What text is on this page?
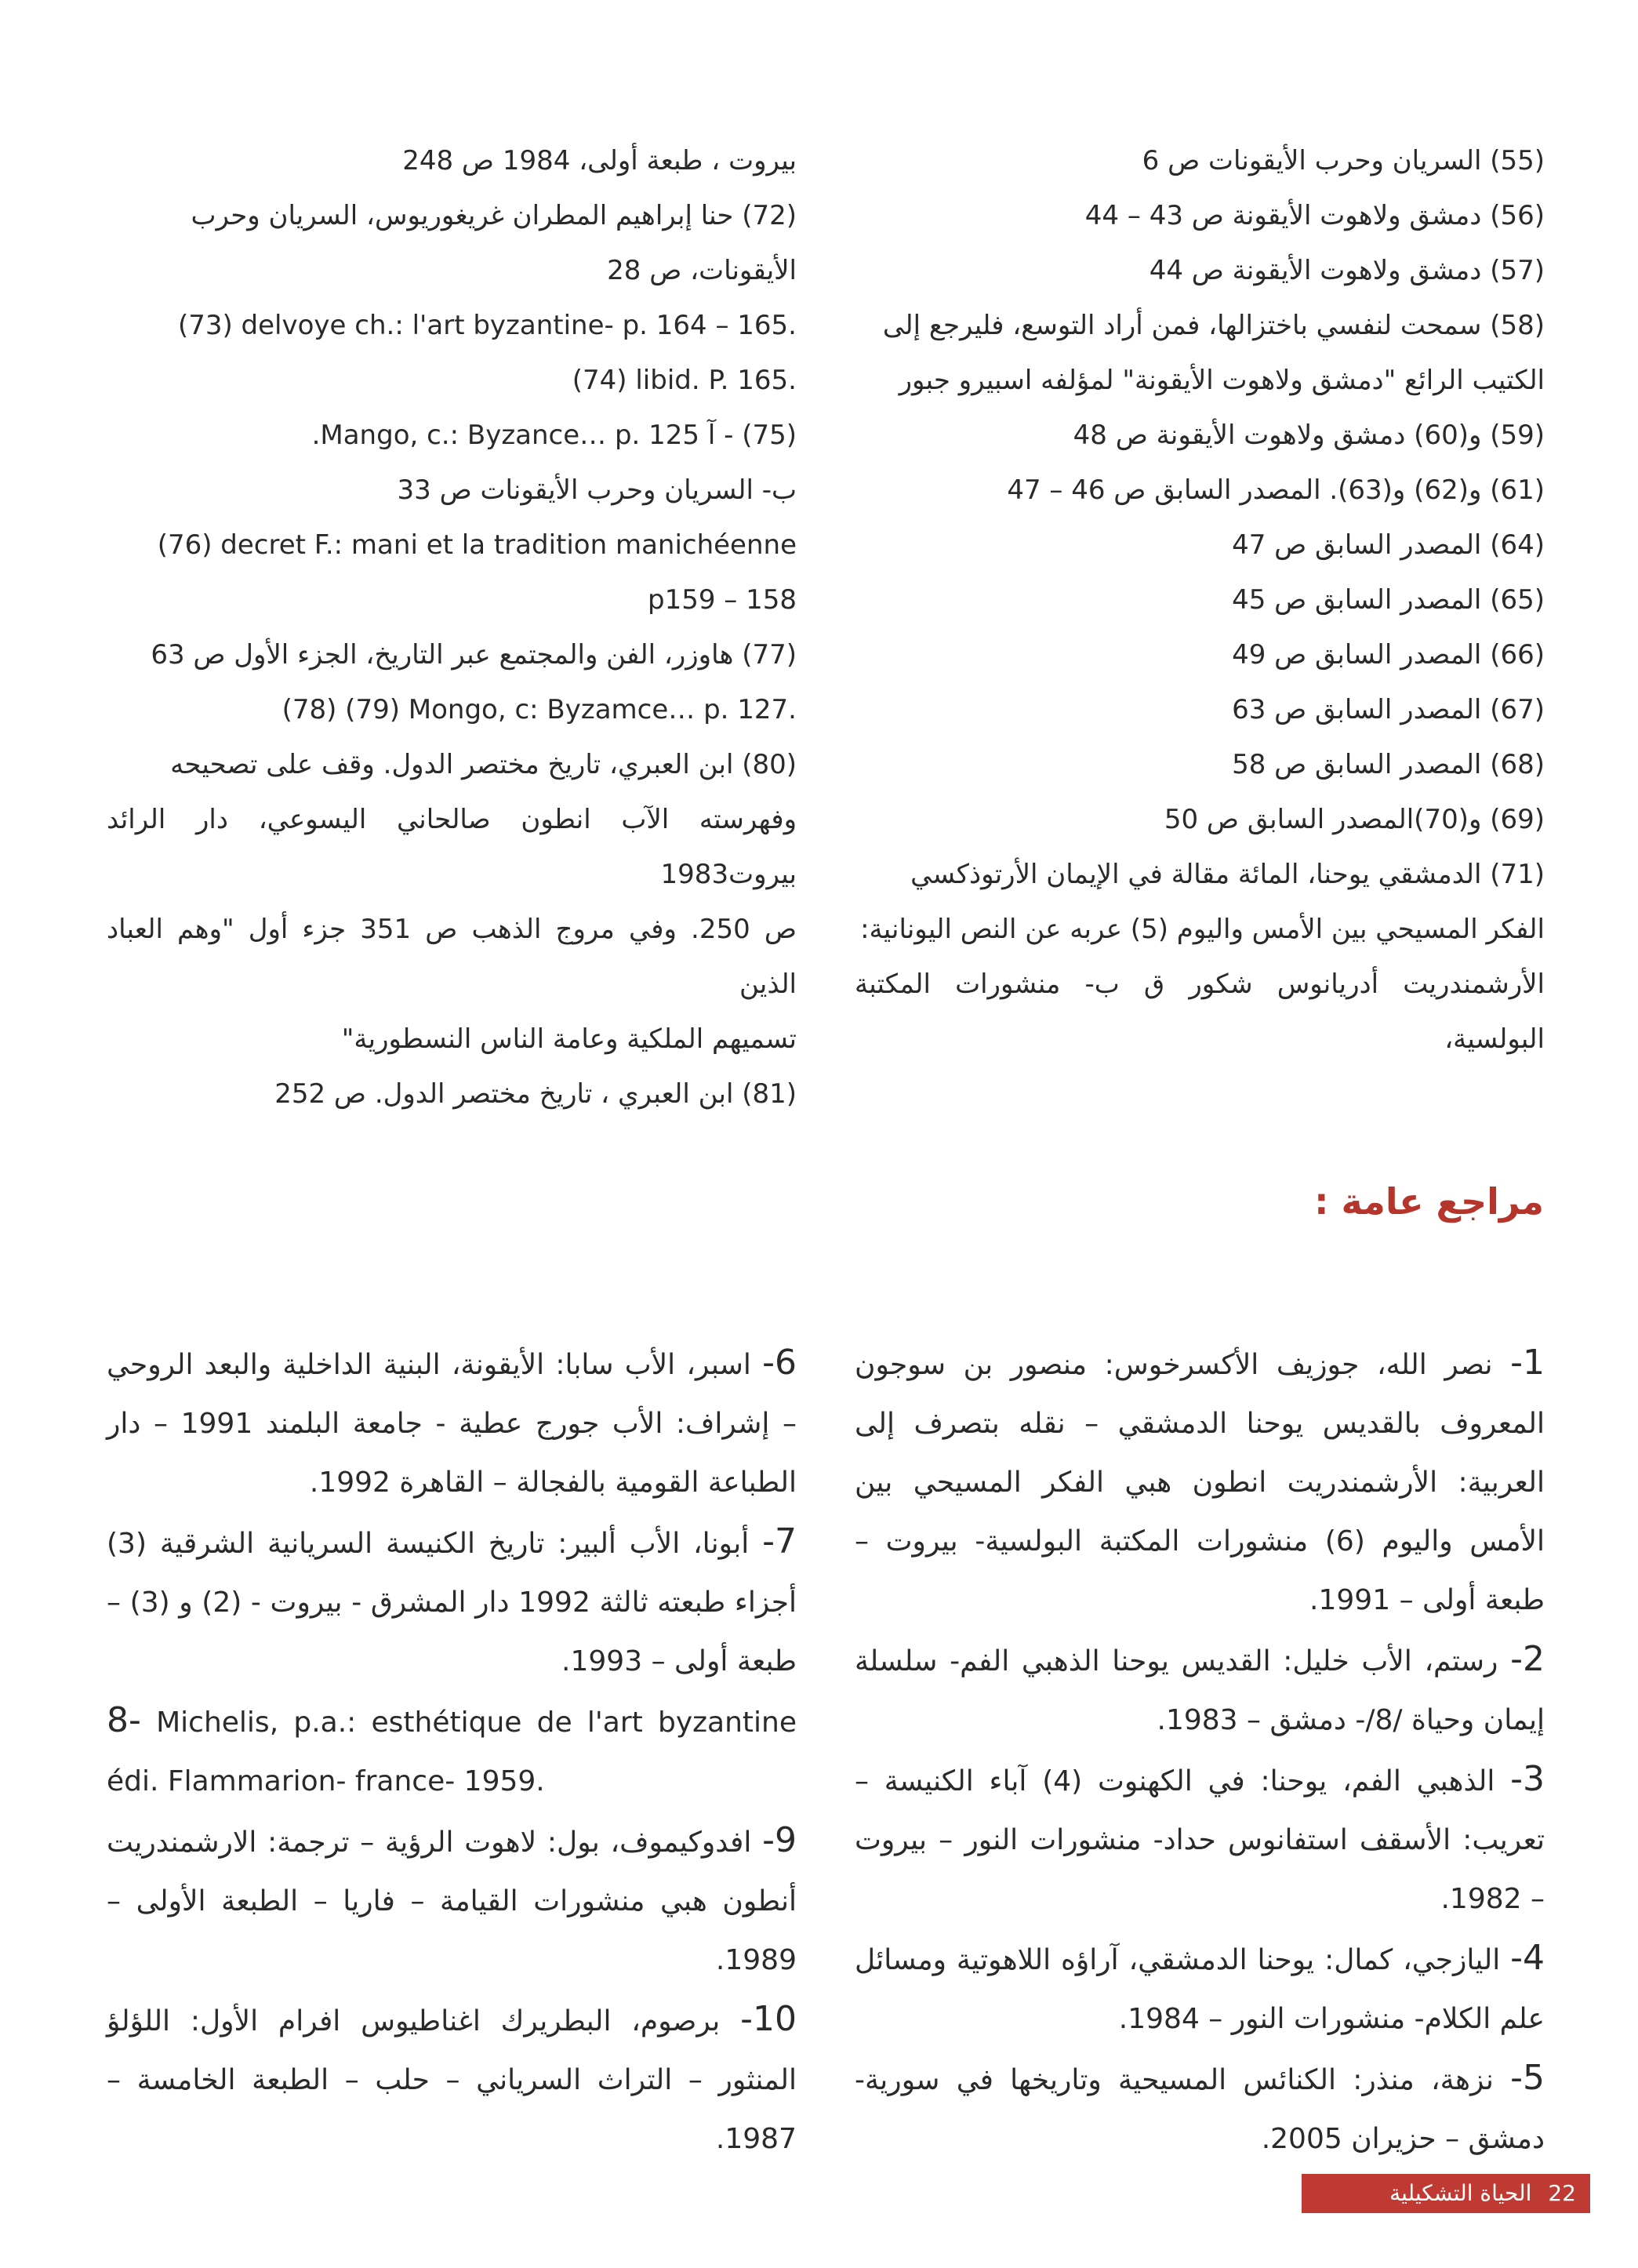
(55) السريان وحرب الأيقونات ص 6

(56) دمشق ولاهوت الأيقونة ص 43 – 44

(57) دمشق ولاهوت الأيقونة ص 44

(58) سمحت لنفسي باختزالها، فمن أراد التوسع، فليرجع إلى

الكتيب الرائع "دمشق ولاهوت الأيقونة" لمؤلفه اسبيرو جبور

(59) و(60) دمشق ولاهوت الأيقونة ص 48

(61) و(62) و(63). المصدر السابق ص 46 – 47

(64) المصدر السابق ص 47

(65) المصدر السابق ص 45

(66) المصدر السابق ص 49

(67) المصدر السابق ص 63

(68) المصدر السابق ص 58

(69) و(70)المصدر السابق ص 50

(71) الدمشقي يوحنا، المائة مقالة في الإيمان الأرتوذكسي

الفكر المسيحي بين الأمس واليوم (5) عربه عن النص اليونانية:

الأرشمندريت أدريانوس شكور ق ب- منشورات المكتبة البولسية،

بيروت ، طبعة أولى، 1984 ص 248

(72) حنا إبراهيم المطران غريغوريوس، السريان وحرب

الأيقونات، ص 28

(73) delvoye ch.: l'art byzantine- p. 164 – 165.

(74) libid. P. 165.

(75) - آ Mango, c.: Byzance… p. 125.

ب- السريان وحرب الأيقونات ص 33

(76) decret F.: mani et la tradition manichéenne

p159 – 158

(77) هاوزر، الفن والمجتمع عبر التاريخ، الجزء الأول ص 63

(78) (79) Mongo, c: Byzamce… p. 127.

(80) ابن العبري، تاريخ مختصر الدول. وقف على تصحيحه

وفهرسته الآب انطون صالحاني اليسوعي، دار الرائد بيروت1983

ص 250. وفي مروج الذهب ص 351 جزء أول "وهم العباد الذين

تسميهم الملكية وعامة الناس النسطورية"

(81) ابن العبري ، تاريخ مختصر الدول. ص 252

مراجع عامة :

1- نصر الله، جوزيف الأكسرخوس: منصور بن سوجون المعروف بالقديس يوحنا الدمشقي – نقله بتصرف إلى العربية: الأرشمندريت انطون هبي الفكر المسيحي بين الأمس واليوم (6) منشورات المكتبة البولسية- بيروت – طبعة أولى – 1991.

2- رستم، الأب خليل: القديس يوحنا الذهبي الفم- سلسلة إيمان وحياة /8/- دمشق – 1983.

3- الذهبي الفم، يوحنا: في الكهنوت (4) آباء الكنيسة – تعريب: الأسقف استفانوس حداد- منشورات النور – بيروت – 1982.

4- اليازجي، كمال: يوحنا الدمشقي، آراؤه اللاهوتية ومسائل علم الكلام- منشورات النور – 1984.

5- نزهة، منذر: الكنائس المسيحية وتاريخها في سورية- دمشق – حزيران 2005.

6- اسبر، الأب سابا: الأيقونة، البنية الداخلية والبعد الروحي – إشراف: الأب جورج عطية - جامعة البلمند 1991 – دار الطباعة القومية بالفجالة – القاهرة 1992.

7- أبونا، الأب ألبير: تاريخ الكنيسة السريانية الشرقية (3) أجزاء طبعته ثالثة 1992 دار المشرق - بيروت - (2) و (3) – طبعة أولى – 1993.

8- Michelis, p.a.: esthétique de l'art byzantine édi. Flammarion- france- 1959.

9- افدوكيموف، بول: لاهوت الرؤية – ترجمة: الارشمندريت أنطون هبي منشورات القيامة – فاريا – الطبعة الأولى – 1989.

10- برصوم، البطريرك اغناطيوس افرام الأول: اللؤلؤ المنثور – التراث السرياني – حلب – الطبعة الخامسة – 1987.

22 الحياة التشكيلية
